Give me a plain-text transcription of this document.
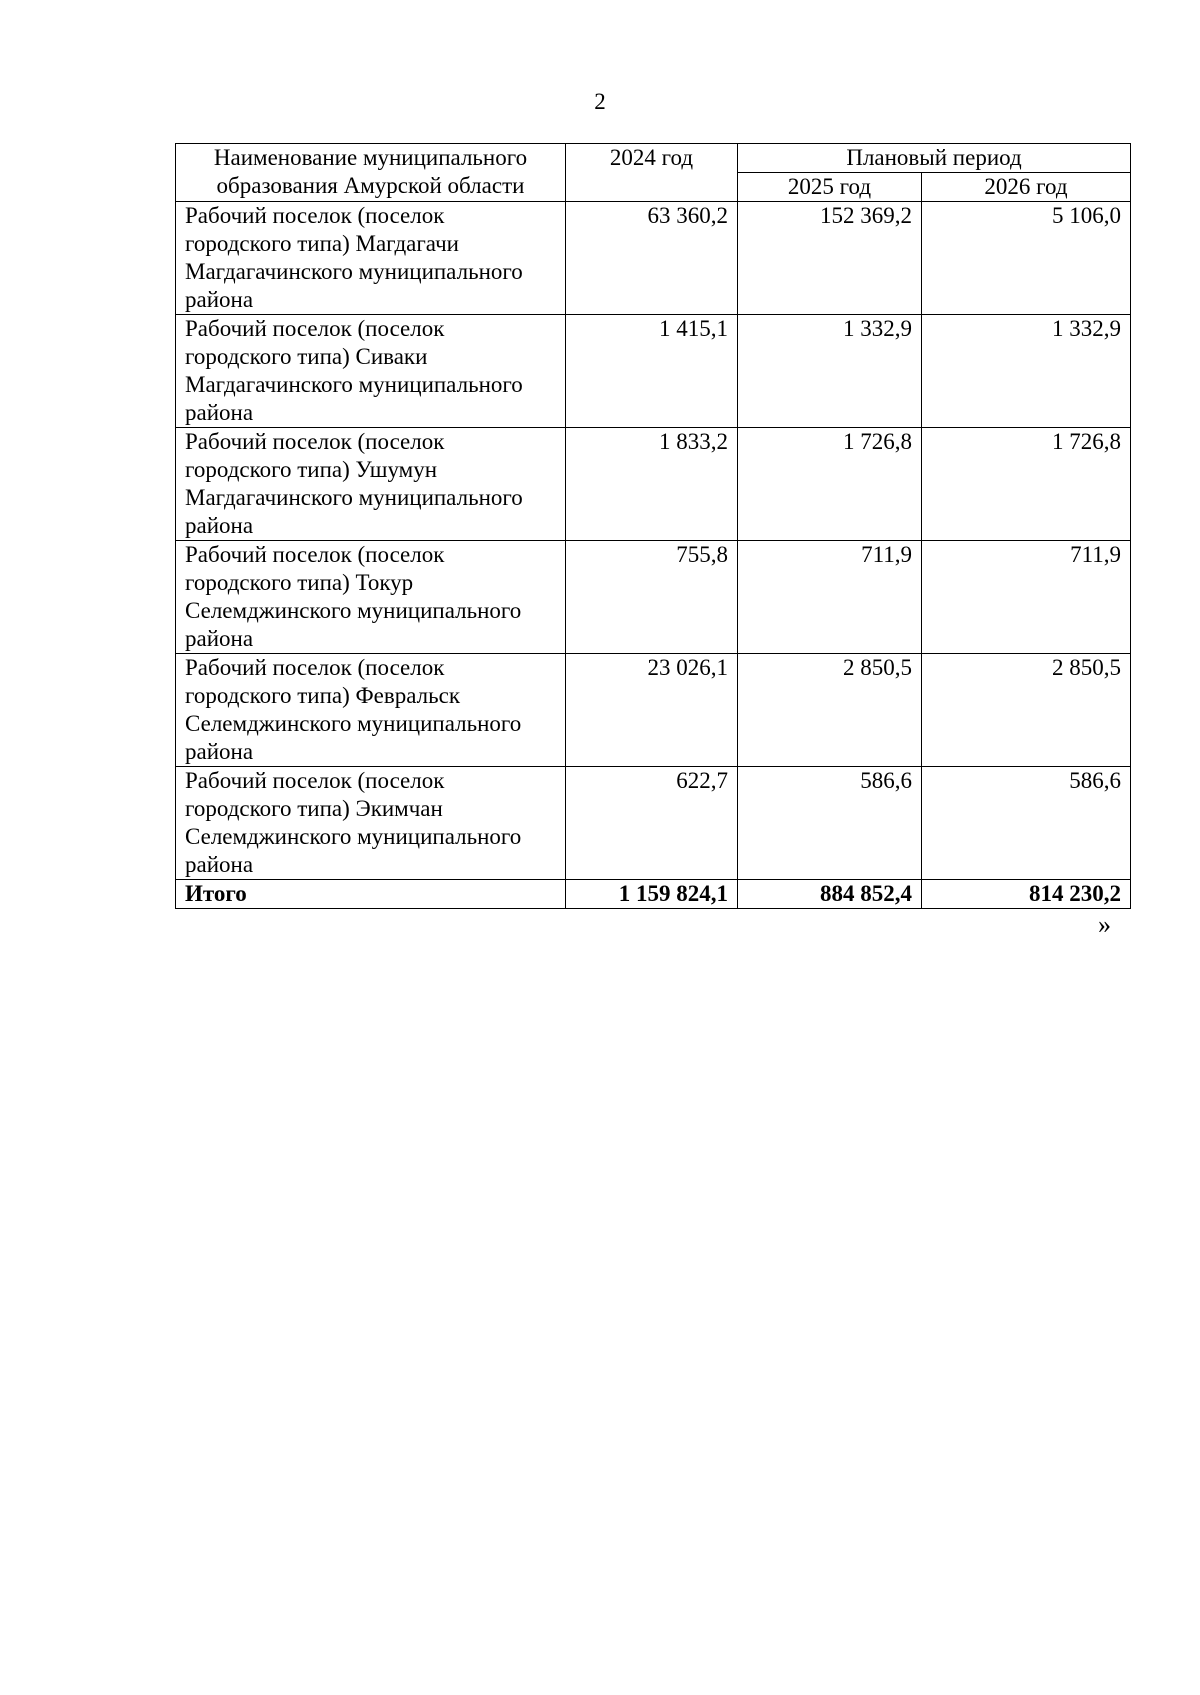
2
Наименование муниципального образования Амурской области	2024 год	Плановый период	
		2025 год	2026 год
Рабочий поселок (поселок городского типа) Магдагачи Магдагачинского муниципального района	63 360,2	152 369,2	5 106,0
Рабочий поселок (поселок городского типа) Сиваки Магдагачинского муниципального района	1 415,1	1 332,9	1 332,9
Рабочий поселок (поселок городского типа) Ушумун Магдагачинского муниципального района	1 833,2	1 726,8	1 726,8
Рабочий поселок (поселок городского типа) Токур Селемджинского муниципального района	755,8	711,9	711,9
Рабочий поселок (поселок городского типа) Февральск Селемджинского муниципального района	23 026,1	2 850,5	2 850,5
Рабочий поселок (поселок городского типа) Экимчан Селемджинского муниципального района	622,7	586,6	586,6
Итого	1 159 824,1	884 852,4	814 230,2
»
